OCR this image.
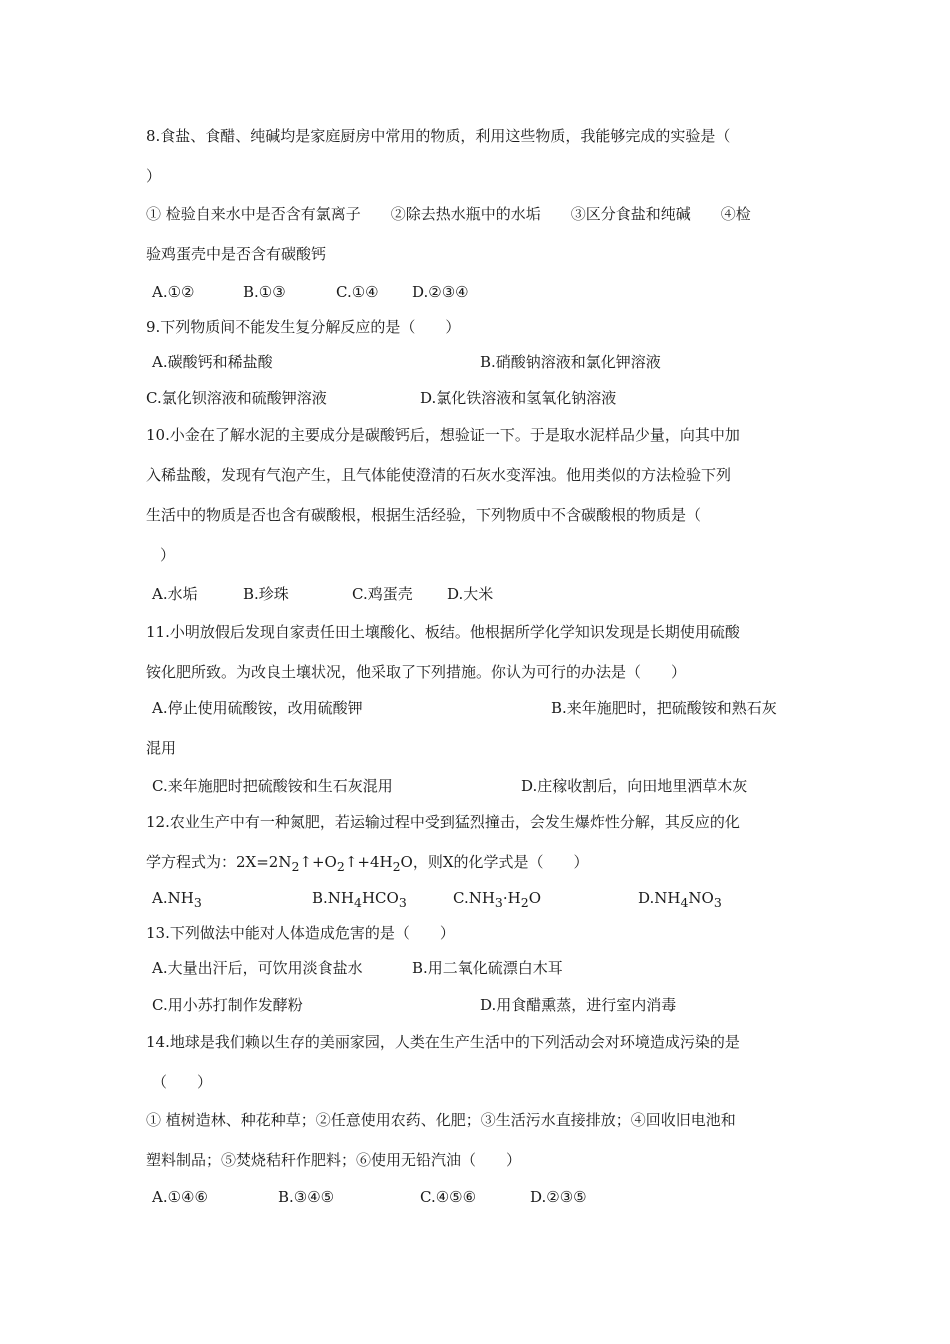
8.食盐、食醋、纯碱均是家庭厨房中常用的物质，利用这些物质，我能够完成的实验是（
）
① 检验自来水中是否含有氯离子　　②除去热水瓶中的水垢　　③区分食盐和纯碱　　④检
验鸡蛋壳中是否含有碳酸钙
A.①②	B.①③	C.①④ D.②③④
9.下列物质间不能发生复分解反应的是（　　）
A.碳酸钙和稀盐酸	B.硝酸钠溶液和氯化钾溶液
C.氯化钡溶液和硫酸钾溶液	D.氯化铁溶液和氢氧化钠溶液
10.小金在了解水泥的主要成分是碳酸钙后，想验证一下。于是取水泥样品少量，向其中加
入稀盐酸，发现有气泡产生，且气体能使澄清的石灰水变浑浊。他用类似的方法检验下列
生活中的物质是否也含有碳酸根，根据生活经验，下列物质中不含碳酸根的物质是（
）
A.水垢	B.珍珠	C.鸡蛋壳 D.大米
11.小明放假后发现自家责任田土壤酸化、板结。他根据所学化学知识发现是长期使用硫酸
铵化肥所致。为改良土壤状况，他采取了下列措施。你认为可行的办法是（　　）
A.停止使用硫酸铵，改用硫酸钾	B.来年施肥时，把硫酸铵和熟石灰
混用
C.来年施肥时把硫酸铵和生石灰混用	D.庄稼收割后，向田地里洒草木灰
12.农业生产中有一种氮肥，若运输过程中受到猛烈撞击，会发生爆炸性分解，其反应的化
学方程式为：$2X=2N_2↑+O_2↑+4H_2O$，则X的化学式是（　　）
$A.NH_3$	$B.NH_4HCO_3$	$C.NH_3\cdot H_2O$	$D.NH_4NO_3$
13.下列做法中能对人体造成危害的是（　　）
A.大量出汗后，可饮用淡食盐水	B.用二氧化硫漂白木耳
C.用小苏打制作发酵粉	D.用食醋熏蒸，进行室内消毒
14.地球是我们赖以生存的美丽家园，人类在生产生活中的下列活动会对环境造成污染的是
（　　）
① 植树造林、种花种草；②任意使用农药、化肥；③生活污水直接排放；④回收旧电池和
塑料制品；⑤焚烧秸秆作肥料；⑥使用无铅汽油（　　）
A.①④⑥	B.③④⑤	C.④⑤⑥	D.②③⑤
